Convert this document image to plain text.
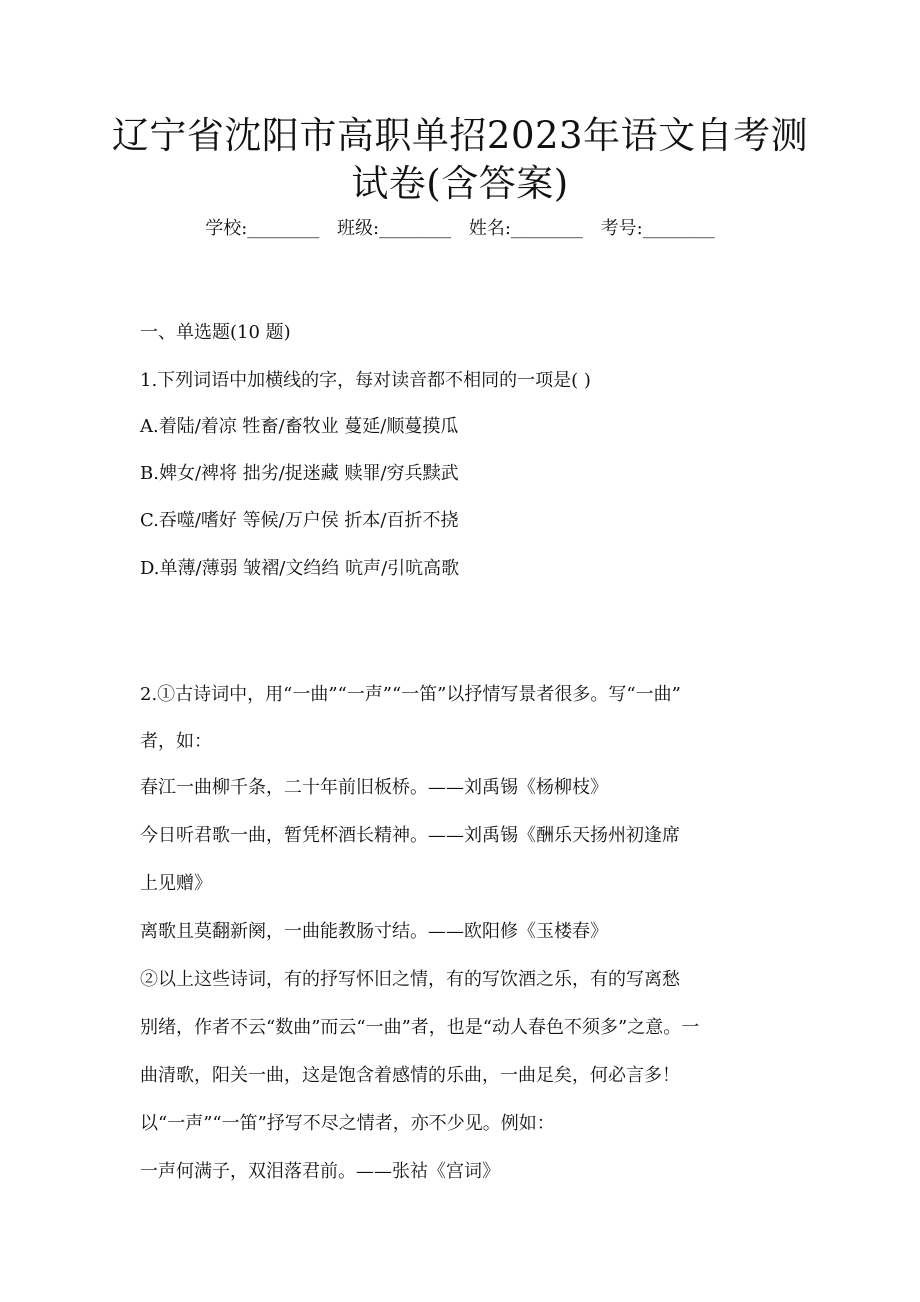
辽宁省沈阳市高职单招2023年语文自考测
试卷(含答案)
学校:________ 班级:________ 姓名:________ 考号:________
一、单选题(10 题)
1.下列词语中加横线的字，每对读音都不相同的一项是( )
A.着陆/着凉 牲畜/畜牧业 蔓延/顺蔓摸瓜
B.婢女/裨将 拙劣/捉迷藏 赎罪/穷兵黩武
C.吞噬/嗜好 等候/万户侯 折本/百折不挠
D.单薄/薄弱 皱褶/文绉绉 吭声/引吭高歌
2.①古诗词中，用“一曲”“一声”“一笛”以抒情写景者很多。写“一曲”
者，如：
春江一曲柳千条，二十年前旧板桥。——刘禹锡《杨柳枝》
今日听君歌一曲，暂凭杯酒长精神。——刘禹锡《酬乐天扬州初逢席
上见赠》
离歌且莫翻新阕，一曲能教肠寸结。——欧阳修《玉楼春》
②以上这些诗词，有的抒写怀旧之情，有的写饮酒之乐，有的写离愁
别绪，作者不云“数曲”而云“一曲”者，也是“动人春色不须多”之意。一
曲清歌，阳关一曲，这是饱含着感情的乐曲，一曲足矣，何必言多！
以“一声”“一笛”抒写不尽之情者，亦不少见。例如：
一声何满子，双泪落君前。——张祜《宫词》
